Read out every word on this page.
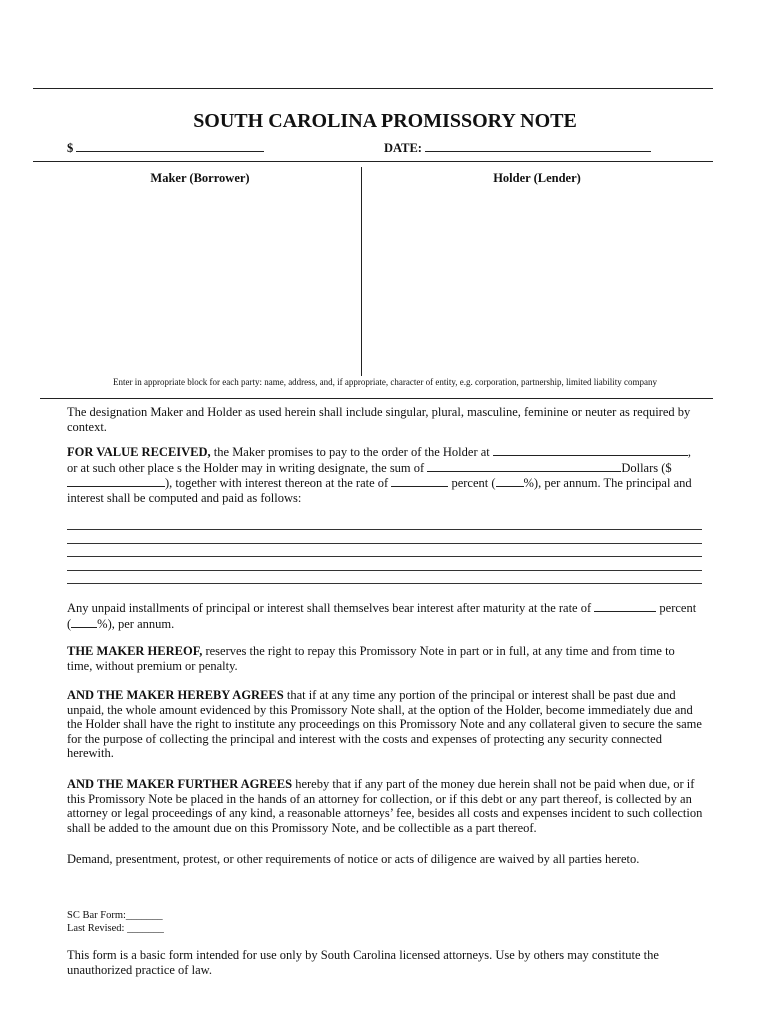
SOUTH CAROLINA PROMISSORY NOTE
$	DATE:
Maker (Borrower)	Holder (Lender)
Enter in appropriate block for each party: name, address, and, if appropriate, character of entity, e.g. corporation, partnership, limited liability company
The designation Maker and Holder as used herein shall include singular, plural, masculine, feminine or neuter as required by context.
FOR VALUE RECEIVED, the Maker promises to pay to the order of the Holder at	, or at such other place s the Holder may in writing designate, the sum of	Dollars ($), together with interest thereon at the rate of	percent ( %), per annum. The principal and interest shall be computed and paid as follows:
Any unpaid installments of principal or interest shall themselves bear interest after maturity at the rate of	percent ( %), per annum.
THE MAKER HEREOF, reserves the right to repay this Promissory Note in part or in full, at any time and from time to time, without premium or penalty.
AND THE MAKER HEREBY AGREES that if at any time any portion of the principal or interest shall be past due and unpaid, the whole amount evidenced by this Promissory Note shall, at the option of the Holder, become immediately due and the Holder shall have the right to institute any proceedings on this Promissory Note and any collateral given to secure the same for the purpose of collecting the principal and interest with the costs and expenses of protecting any security connected herewith.
AND THE MAKER FURTHER AGREES hereby that if any part of the money due herein shall not be paid when due, or if this Promissory Note be placed in the hands of an attorney for collection, or if this debt or any part thereof, is collected by an attorney or legal proceedings of any kind, a reasonable attorneys’ fee, besides all costs and expenses incident to such collection shall be added to the amount due on this Promissory Note, and be collectible as a part thereof.
Demand, presentment, protest, or other requirements of notice or acts of diligence are waived by all parties hereto.
SC Bar Form:_______
Last Revised: _______
This form is a basic form intended for use only by South Carolina licensed attorneys. Use by others may constitute the unauthorized practice of law.
